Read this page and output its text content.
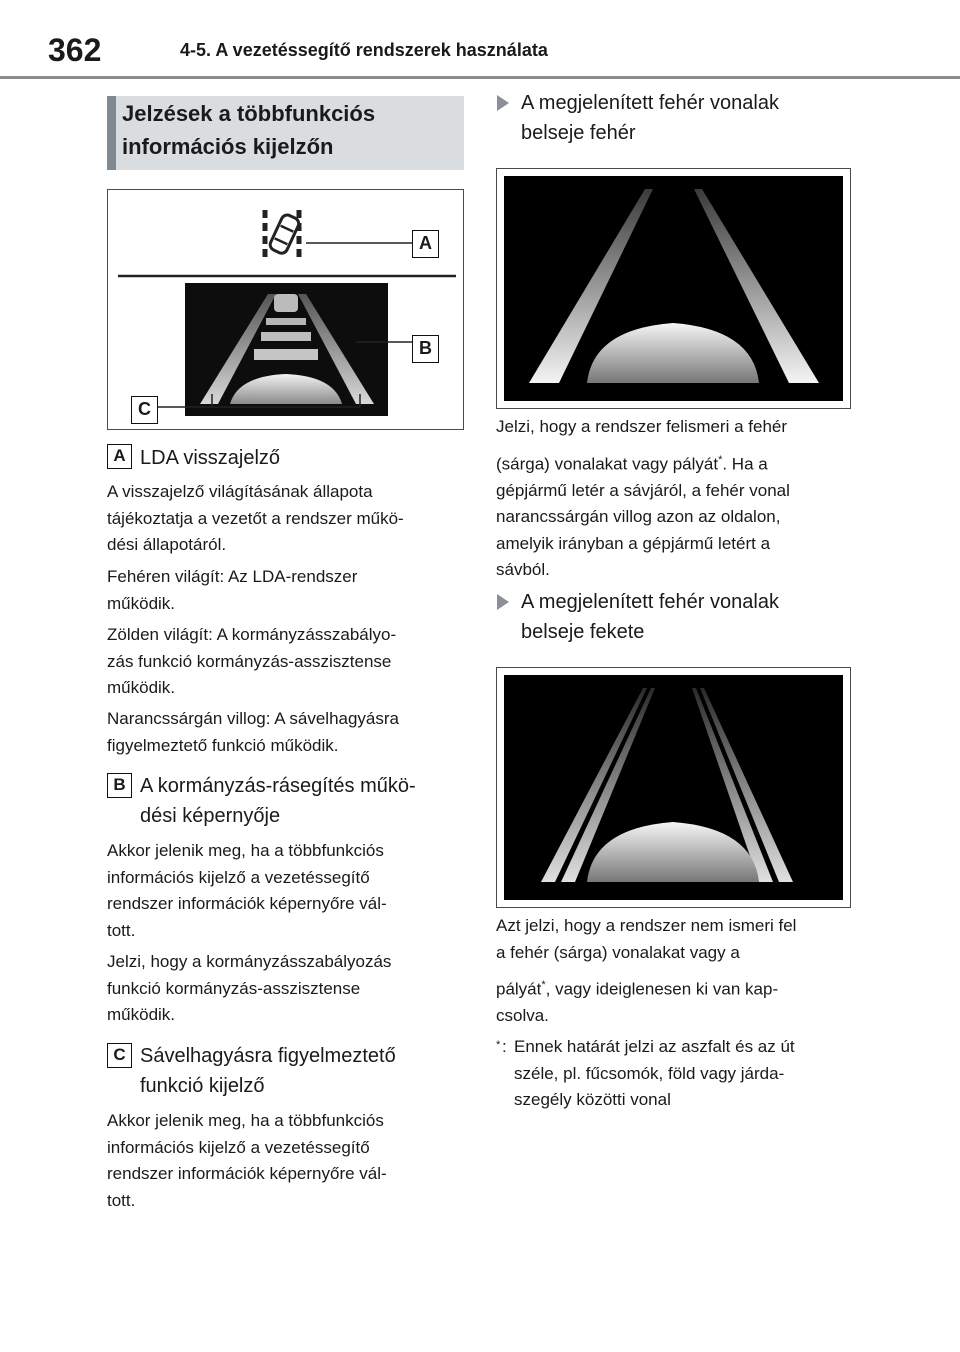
362	4-5. A vezetéssegítő rendszerek használata
Jelzések a többfunkciós
információs kijelzőn
A
B
C
A LDA visszajelző
A visszajelző világításának állapota
tájékoztatja a vezetőt a rendszer műkö-
dési állapotáról.
Fehéren világít: Az LDA-rendszer
működik.
Zölden világít: A kormányzásszabályo-
zás funkció kormányzás-asszisztense
működik.
Narancssárgán villog: A sávelhagyásra
figyelmeztető funkció működik.
B A kormányzás-rásegítés műkö-
dési képernyője
Akkor jelenik meg, ha a többfunkciós
információs kijelző a vezetéssegítő
rendszer információk képernyőre vál-
tott.
Jelzi, hogy a kormányzásszabályozás
funkció kormányzás-asszisztense
működik.
C Sávelhagyásra figyelmeztető
funkció kijelző
Akkor jelenik meg, ha a többfunkciós
információs kijelző a vezetéssegítő
rendszer információk képernyőre vál-
tott.
A megjelenített fehér vonalak
belseje fehér
Jelzi, hogy a rendszer felismeri a fehér
(sárga) vonalakat vagy pályát*. Ha a
gépjármű letér a sávjáról, a fehér vonal
narancssárgán villog azon az oldalon,
amelyik irányban a gépjármű letért a
sávból.
A megjelenített fehér vonalak
belseje fekete
Azt jelzi, hogy a rendszer nem ismeri fel
a fehér (sárga) vonalakat vagy a
pályát*, vagy ideiglenesen ki van kap-
csolva.
* : Ennek határát jelzi az aszfalt és az út
széle, pl. fűcsomók, föld vagy járda-
szegély közötti vonal
